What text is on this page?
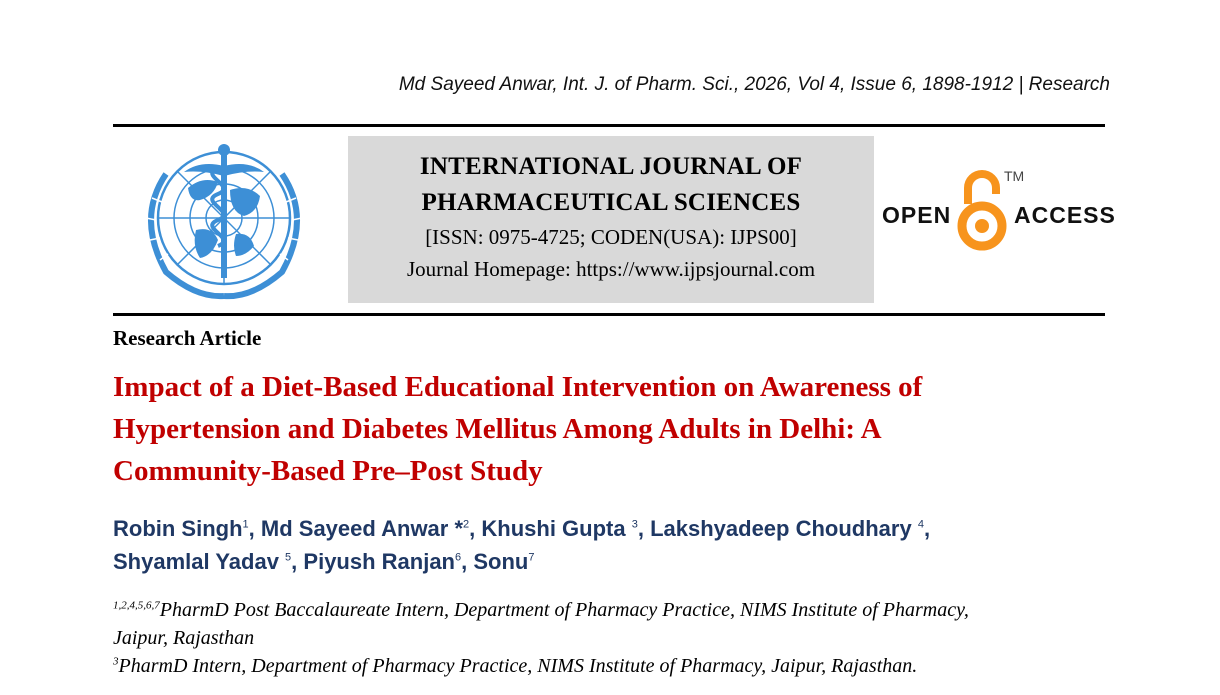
Md Sayeed Anwar, Int. J. of Pharm. Sci., 2026, Vol 4, Issue 6, 1898-1912 | Research
INTERNATIONAL JOURNAL OF
PHARMACEUTICAL SCIENCES
[ISSN: 0975-4725; CODEN(USA): IJPS00]
Journal Homepage: https://www.ijpsjournal.com
OPEN
TM
ACCESS
Research Article
Impact of a Diet-Based Educational Intervention on Awareness of
Hypertension and Diabetes Mellitus Among Adults in Delhi: A
Community-Based Pre–Post Study
Robin Singh$^1$, Md Sayeed Anwar *$^2$, Khushi Gupta $^3$, Lakshyadeep Choudhary $^4$,
Shyamlal Yadav $^5$, Piyush Ranjan$^6$, Sonu$^7$
$^{1,2,4,5,6,7}$PharmD Post Baccalaureate Intern, Department of Pharmacy Practice, NIMS Institute of Pharmacy,
Jaipur, Rajasthan
$^3$PharmD Intern, Department of Pharmacy Practice, NIMS Institute of Pharmacy, Jaipur, Rajasthan.
